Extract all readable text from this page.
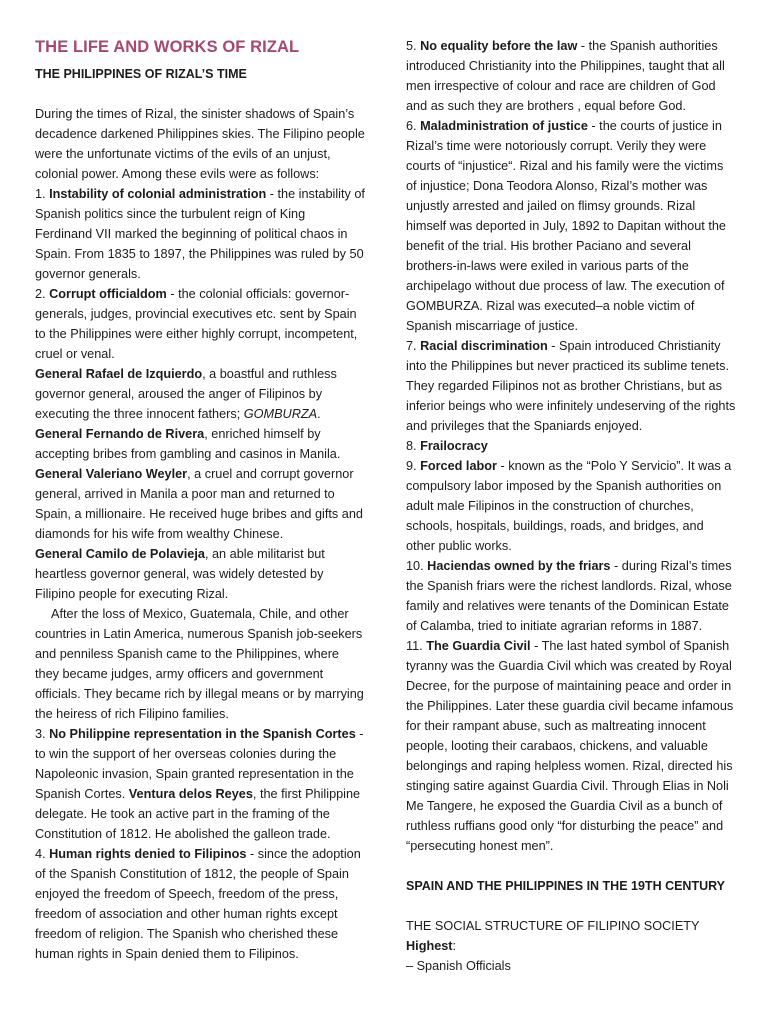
THE LIFE AND WORKS OF RIZAL

THE PHILIPPINES OF RIZAL’S TIME

During the times of Rizal, the sinister shadows of Spain’s decadence darkened Philippines skies. The Filipino people were the unfortunate victims of the evils of an unjust, colonial power. Among these evils were as follows:

1. Instability of colonial administration - the instability of Spanish politics since the turbulent reign of King Ferdinand VII marked the beginning of political chaos in Spain. From 1835 to 1897, the Philippines was ruled by 50 governor generals.

2. Corrupt officialdom - the colonial officials: governor-generals, judges, provincial executives etc. sent by Spain to the Philippines were either highly corrupt, incompetent, cruel or venal.

General Rafael de Izquierdo, a boastful and ruthless governor general, aroused the anger of Filipinos by executing the three innocent fathers; GOMBURZA.

General Fernando de Rivera, enriched himself by accepting bribes from gambling and casinos in Manila.

General Valeriano Weyler, a cruel and corrupt governor general, arrived in Manila a poor man and returned to Spain, a millionaire. He received huge bribes and gifts and diamonds for his wife from wealthy Chinese.

General Camilo de Polavieja, an able militarist but heartless governor general, was widely detested by Filipino people for executing Rizal.

After the loss of Mexico, Guatemala, Chile, and other countries in Latin America, numerous Spanish job-seekers and penniless Spanish came to the Philippines, where they became judges, army officers and government officials. They became rich by illegal means or by marrying the heiress of rich Filipino families.

3. No Philippine representation in the Spanish Cortes - to win the support of her overseas colonies during the Napoleonic invasion, Spain granted representation in the Spanish Cortes. Ventura delos Reyes, the first Philippine delegate. He took an active part in the framing of the Constitution of 1812. He abolished the galleon trade.

4. Human rights denied to Filipinos - since the adoption of the Spanish Constitution of 1812, the people of Spain enjoyed the freedom of Speech, freedom of the press, freedom of association and other human rights except freedom of religion. The Spanish who cherished these human rights in Spain denied them to Filipinos.

5. No equality before the law - the Spanish authorities introduced Christianity into the Philippines, taught that all men irrespective of colour and race are children of God and as such they are brothers , equal before God.

6. Maladministration of justice - the courts of justice in Rizal’s time were notoriously corrupt. Verily they were courts of “injustice“. Rizal and his family were the victims of injustice; Dona Teodora Alonso, Rizal’s mother was unjustly arrested and jailed on flimsy grounds. Rizal himself was deported in July, 1892 to Dapitan without the benefit of the trial. His brother Paciano and several brothers-in-laws were exiled in various parts of the archipelago without due process of law. The execution of GOMBURZA. Rizal was executed–a noble victim of Spanish miscarriage of justice.

7. Racial discrimination - Spain introduced Christianity into the Philippines but never practiced its sublime tenets. They regarded Filipinos not as brother Christians, but as inferior beings who were infinitely undeserving of the rights and privileges that the Spaniards enjoyed.

8. Frailocracy

9. Forced labor - known as the “Polo Y Servicio”. It was a compulsory labor imposed by the Spanish authorities on adult male Filipinos in the construction of churches, schools, hospitals, buildings, roads, and bridges, and other public works.

10. Haciendas owned by the friars - during Rizal’s times the Spanish friars were the richest landlords. Rizal, whose family and relatives were tenants of the Dominican Estate of Calamba, tried to initiate agrarian reforms in 1887.

11. The Guardia Civil - The last hated symbol of Spanish tyranny was the Guardia Civil which was created by Royal Decree, for the purpose of maintaining peace and order in the Philippines. Later these guardia civil became infamous for their rampant abuse, such as maltreating innocent people, looting their carabaos, chickens, and valuable belongings and raping helpless women. Rizal, directed his stinging satire against Guardia Civil. Through Elias in Noli Me Tangere, he exposed the Guardia Civil as a bunch of ruthless ruffians good only “for disturbing the peace” and “persecuting honest men”.

SPAIN AND THE PHILIPPINES IN THE 19TH CENTURY

THE SOCIAL STRUCTURE OF FILIPINO SOCIETY

Highest:

– Spanish Officials
